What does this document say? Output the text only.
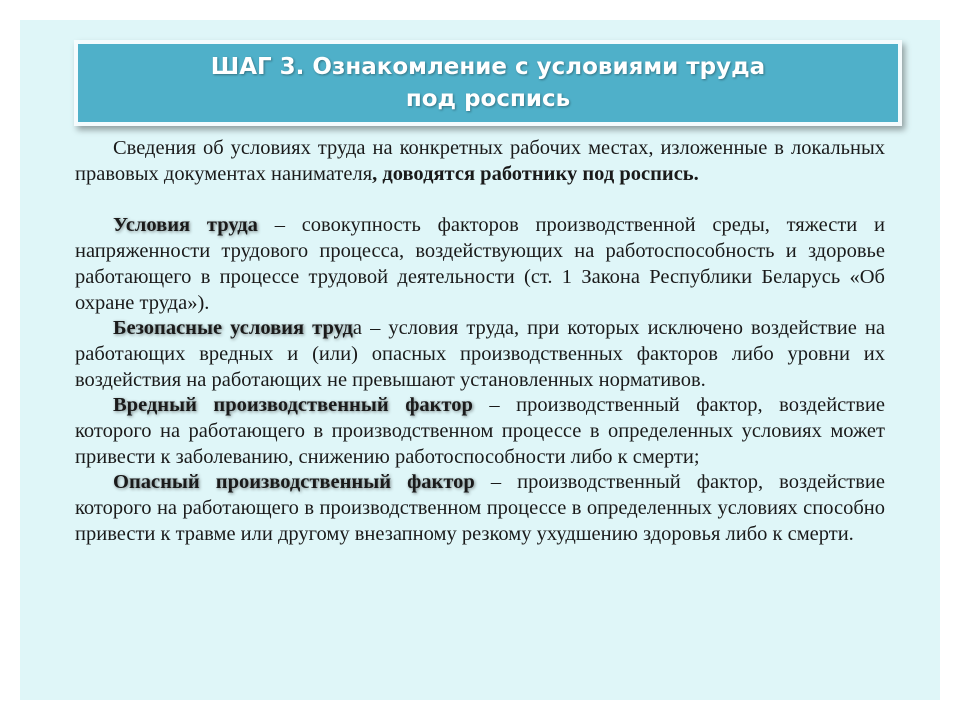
ШАГ 3. Ознакомление с условиями труда
под роспись

Сведения об условиях труда на конкретных рабочих местах, изложенные в локальных правовых документах нанимателя, доводятся работнику под роспись.

Условия труда – совокупность факторов производственной среды, тяжести и напряженности трудового процесса, воздействующих на работоспособность и здоровье работающего в процессе трудовой деятельности (ст. 1 Закона Республики Беларусь «Об охране труда»).

Безопасные условия труда – условия труда, при которых исключено воздействие на работающих вредных и (или) опасных производственных факторов либо уровни их воздействия на работающих не превышают установленных нормативов.

Вредный производственный фактор – производственный фактор, воздействие которого на работающего в производственном процессе в определенных условиях может привести к заболеванию, снижению работоспособности либо к смерти;

Опасный производственный фактор – производственный фактор, воздействие которого на работающего в производственном процессе в определенных условиях способно привести к травме или другому внезапному резкому ухудшению здоровья либо к смерти.
